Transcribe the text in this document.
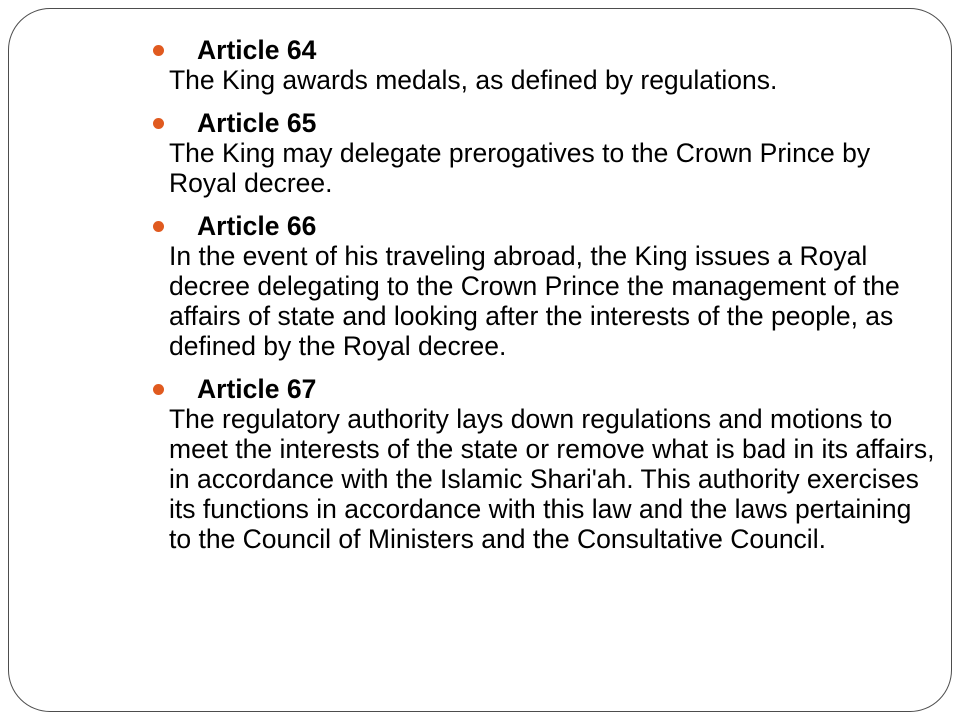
Article 64
The King awards medals, as defined by regulations.
Article 65
The King may delegate prerogatives to the Crown Prince by Royal decree.
Article 66
In the event of his traveling abroad, the King issues a Royal decree delegating to the Crown Prince the management of the affairs of state and looking after the interests of the people, as defined by the Royal decree.
Article 67
The regulatory authority lays down regulations and motions to meet the interests of the state or remove what is bad in its affairs, in accordance with the Islamic Shari'ah. This authority exercises its functions in accordance with this law and the laws pertaining to the Council of Ministers and the Consultative Council.
